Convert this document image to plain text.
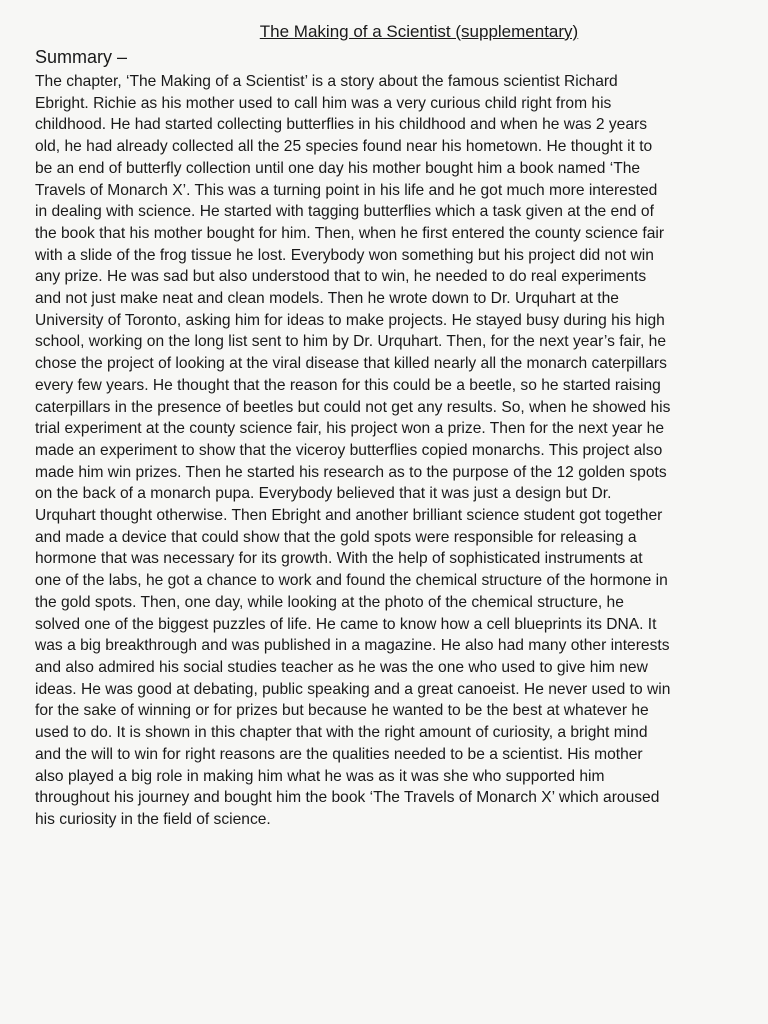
The Making of a Scientist (supplementary)
Summary –
The chapter, ‘The Making of a Scientist’ is a story about the famous scientist Richard
Ebright. Richie as his mother used to call him was a very curious child right from his
childhood. He had started collecting butterflies in his childhood and when he was 2 years
old, he had already collected all the 25 species found near his hometown. He thought it to
be an end of butterfly collection until one day his mother bought him a book named ‘The
Travels of Monarch X’. This was a turning point in his life and he got much more interested
in dealing with science. He started with tagging butterflies which a task given at the end of
the book that his mother bought for him. Then, when he first entered the county science fair
with a slide of the frog tissue he lost. Everybody won something but his project did not win
any prize. He was sad but also understood that to win, he needed to do real experiments
and not just make neat and clean models. Then he wrote down to Dr. Urquhart at the
University of Toronto, asking him for ideas to make projects. He stayed busy during his high
school, working on the long list sent to him by Dr. Urquhart. Then, for the next year’s fair, he
chose the project of looking at the viral disease that killed nearly all the monarch caterpillars
every few years. He thought that the reason for this could be a beetle, so he started raising
caterpillars in the presence of beetles but could not get any results. So, when he showed his
trial experiment at the county science fair, his project won a prize. Then for the next year he
made an experiment to show that the viceroy butterflies copied monarchs. This project also
made him win prizes. Then he started his research as to the purpose of the 12 golden spots
on the back of a monarch pupa. Everybody believed that it was just a design but Dr.
Urquhart thought otherwise. Then Ebright and another brilliant science student got together
and made a device that could show that the gold spots were responsible for releasing a
hormone that was necessary for its growth. With the help of sophisticated instruments at
one of the labs, he got a chance to work and found the chemical structure of the hormone in
the gold spots. Then, one day, while looking at the photo of the chemical structure, he
solved one of the biggest puzzles of life. He came to know how a cell blueprints its DNA. It
was a big breakthrough and was published in a magazine. He also had many other interests
and also admired his social studies teacher as he was the one who used to give him new
ideas. He was good at debating, public speaking and a great canoeist. He never used to win
for the sake of winning or for prizes but because he wanted to be the best at whatever he
used to do. It is shown in this chapter that with the right amount of curiosity, a bright mind
and the will to win for right reasons are the qualities needed to be a scientist. His mother
also played a big role in making him what he was as it was she who supported him
throughout his journey and bought him the book ‘The Travels of Monarch X’ which aroused
his curiosity in the field of science.
